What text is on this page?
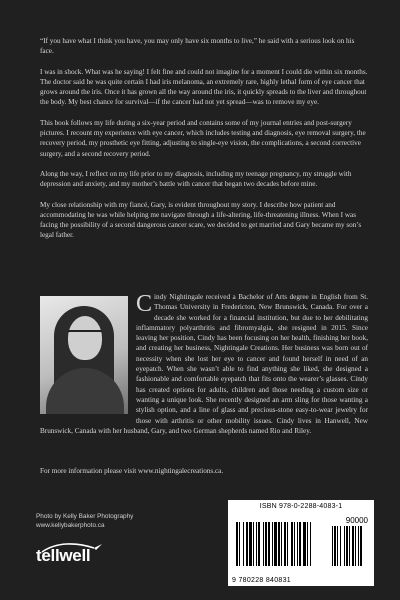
“If you have what I think you have, you may only have six months to live,” he said with a serious look on his face.

I was in shock. What was he saying! I felt fine and could not imagine for a moment I could die within six months. The doctor said he was quite certain I had iris melanoma, an extremely rare, highly lethal form of eye cancer that grows around the iris. Once it has grown all the way around the iris, it quickly spreads to the liver and throughout the body. My best chance for survival—if the cancer had not yet spread—was to remove my eye.

This book follows my life during a six-year period and contains some of my journal entries and post-surgery pictures. I recount my experience with eye cancer, which includes testing and diagnosis, eye removal surgery, the recovery period, my prosthetic eye fitting, adjusting to single-eye vision, the complications, a second corrective surgery, and a second recovery period.

Along the way, I reflect on my life prior to my diagnosis, including my teenage pregnancy, my struggle with depression and anxiety, and my mother’s battle with cancer that began two decades before mine.

My close relationship with my fiancé, Gary, is evident throughout my story. I describe how patient and accommodating he was while helping me navigate through a life-altering, life-threatening illness. When I was facing the possibility of a second dangerous cancer scare, we decided to get married and Gary became my son’s legal father.

Cindy Nightingale received a Bachelor of Arts degree in English from St. Thomas University in Fredericton, New Brunswick, Canada. For over a decade she worked for a financial institution, but due to her debilitating inflammatory polyarthritis and fibromyalgia, she resigned in 2015. Since leaving her position, Cindy has been focusing on her health, finishing her book, and creating her business, Nightingale Creations. Her business was born out of necessity when she lost her eye to cancer and found herself in need of an eyepatch. When she wasn’t able to find anything she liked, she designed a fashionable and comfortable eyepatch that fits onto the wearer’s glasses. Cindy has created options for adults, children and those needing a custom size or wanting a unique look. She recently designed an arm sling for those wanting a stylish option, and a line of glass and precious-stone easy-to-wear jewelry for those with arthritis or other mobility issues. Cindy lives in Hanwell, New Brunswick, Canada with her husband, Gary, and two German shepherds named Rio and Riley.

For more information please visit www.nightingalecreations.ca.
Photo by Kelly Baker Photography
www.kellybakerphoto.ca
tellwell
ISBN 978-0-2288-4083-1
90000
9 780228 840831
